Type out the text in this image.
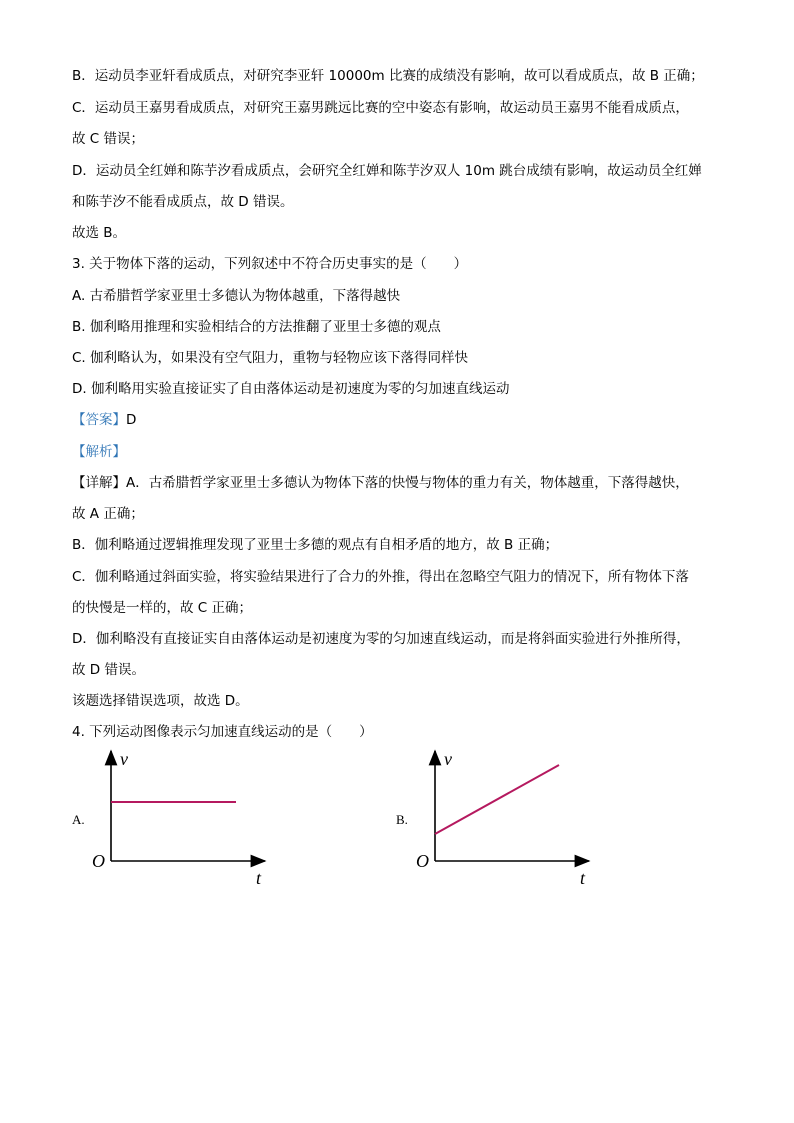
B．运动员李亚轩看成质点，对研究李亚轩 10000m 比赛的成绩没有影响，故可以看成质点，故 B 正确；
C．运动员王嘉男看成质点，对研究王嘉男跳远比赛的空中姿态有影响，故运动员王嘉男不能看成质点，
故 C 错误；
D．运动员全红婵和陈芋汐看成质点，会研究全红婵和陈芋汐双人 10m 跳台成绩有影响，故运动员全红婵
和陈芋汐不能看成质点，故 D 错误。
故选 B。
3. 关于物体下落的运动，下列叙述中不符合历史事实的是（　　）
A. 古希腊哲学家亚里士多德认为物体越重，下落得越快
B. 伽利略用推理和实验相结合的方法推翻了亚里士多德的观点
C. 伽利略认为，如果没有空气阻力，重物与轻物应该下落得同样快
D. 伽利略用实验直接证实了自由落体运动是初速度为零的匀加速直线运动
【答案】D
【解析】
【详解】A．古希腊哲学家亚里士多德认为物体下落的快慢与物体的重力有关，物体越重，下落得越快，
故 A 正确；
B．伽利略通过逻辑推理发现了亚里士多德的观点有自相矛盾的地方，故 B 正确；
C．伽利略通过斜面实验，将实验结果进行了合力的外推，得出在忽略空气阻力的情况下，所有物体下落
的快慢是一样的，故 C 正确；
D．伽利略没有直接证实自由落体运动是初速度为零的匀加速直线运动，而是将斜面实验进行外推所得，
故 D 错误。
该题选择错误选项，故选 D。
4. 下列运动图像表示匀加速直线运动的是（　　）
A.
v
t
O
B.
v
t
O
